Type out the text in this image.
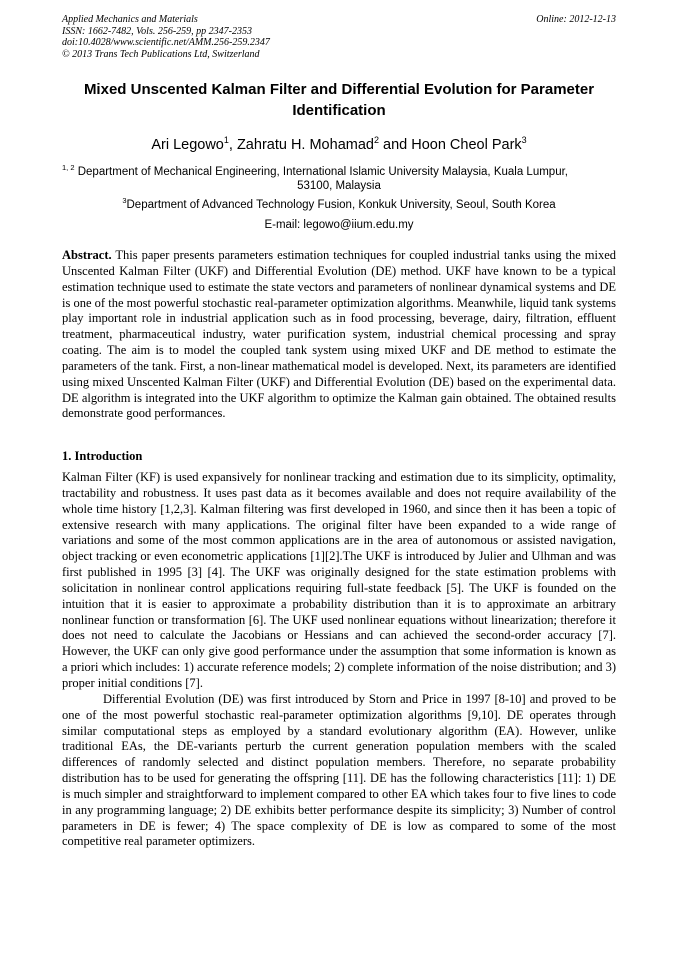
Applied Mechanics and Materials
ISSN: 1662-7482, Vols. 256-259, pp 2347-2353
doi:10.4028/www.scientific.net/AMM.256-259.2347
© 2013 Trans Tech Publications Ltd, Switzerland
Online: 2012-12-13
Mixed Unscented Kalman Filter and Differential Evolution for Parameter Identification
Ari Legowo$^1$, Zahratu H. Mohamad$^2$ and Hoon Cheol Park$^3$
$^{1, 2}$ Department of Mechanical Engineering, International Islamic University Malaysia, Kuala Lumpur,
53100, Malaysia
$^3$Department of Advanced Technology Fusion, Konkuk University, Seoul, South Korea
E-mail: legowo@iium.edu.my
Abstract. This paper presents parameters estimation techniques for coupled industrial tanks using the mixed Unscented Kalman Filter (UKF) and Differential Evolution (DE) method. UKF have known to be a typical estimation technique used to estimate the state vectors and parameters of nonlinear dynamical systems and DE is one of the most powerful stochastic real-parameter optimization algorithms. Meanwhile, liquid tank systems play important role in industrial application such as in food processing, beverage, dairy, filtration, effluent treatment, pharmaceutical industry, water purification system, industrial chemical processing and spray coating. The aim is to model the coupled tank system using mixed UKF and DE method to estimate the parameters of the tank. First, a non-linear mathematical model is developed. Next, its parameters are identified using mixed Unscented Kalman Filter (UKF) and Differential Evolution (DE) based on the experimental data. DE algorithm is integrated into the UKF algorithm to optimize the Kalman gain obtained. The obtained results demonstrate good performances.
1. Introduction

Kalman Filter (KF) is used expansively for nonlinear tracking and estimation due to its simplicity, optimality, tractability and robustness. It uses past data as it becomes available and does not require availability of the whole time history [1,2,3]. Kalman filtering was first developed in 1960, and since then it has been a topic of extensive research with many applications. The original filter have been expanded to a wide range of variations and some of the most common applications are in the area of autonomous or assisted navigation, object tracking or even econometric applications [1][2].The UKF is introduced by Julier and Ulhman and was first published in 1995 [3] [4]. The UKF was originally designed for the state estimation problems with solicitation in nonlinear control applications requiring full-state feedback [5]. The UKF is founded on the intuition that it is easier to approximate a probability distribution than it is to approximate an arbitrary nonlinear function or transformation [6]. The UKF used nonlinear equations without linearization; therefore it does not need to calculate the Jacobians or Hessians and can achieved the second-order accuracy [7]. However, the UKF can only give good performance under the assumption that some information is known as a priori which includes: 1) accurate reference models; 2) complete information of the noise distribution; and 3) proper initial conditions [7].

Differential Evolution (DE) was first introduced by Storn and Price in 1997 [8-10] and proved to be one of the most powerful stochastic real-parameter optimization algorithms [9,10]. DE operates through similar computational steps as employed by a standard evolutionary algorithm (EA). However, unlike traditional EAs, the DE-variants perturb the current generation population members with the scaled differences of randomly selected and distinct population members. Therefore, no separate probability distribution has to be used for generating the offspring [11]. DE has the following characteristics [11]: 1) DE is much simpler and straightforward to implement compared to other EA which takes four to five lines to code in any programming language; 2) DE exhibits better performance despite its simplicity; 3) Number of control parameters in DE is fewer; 4) The space complexity of DE is low as compared to some of the most competitive real parameter optimizers.
